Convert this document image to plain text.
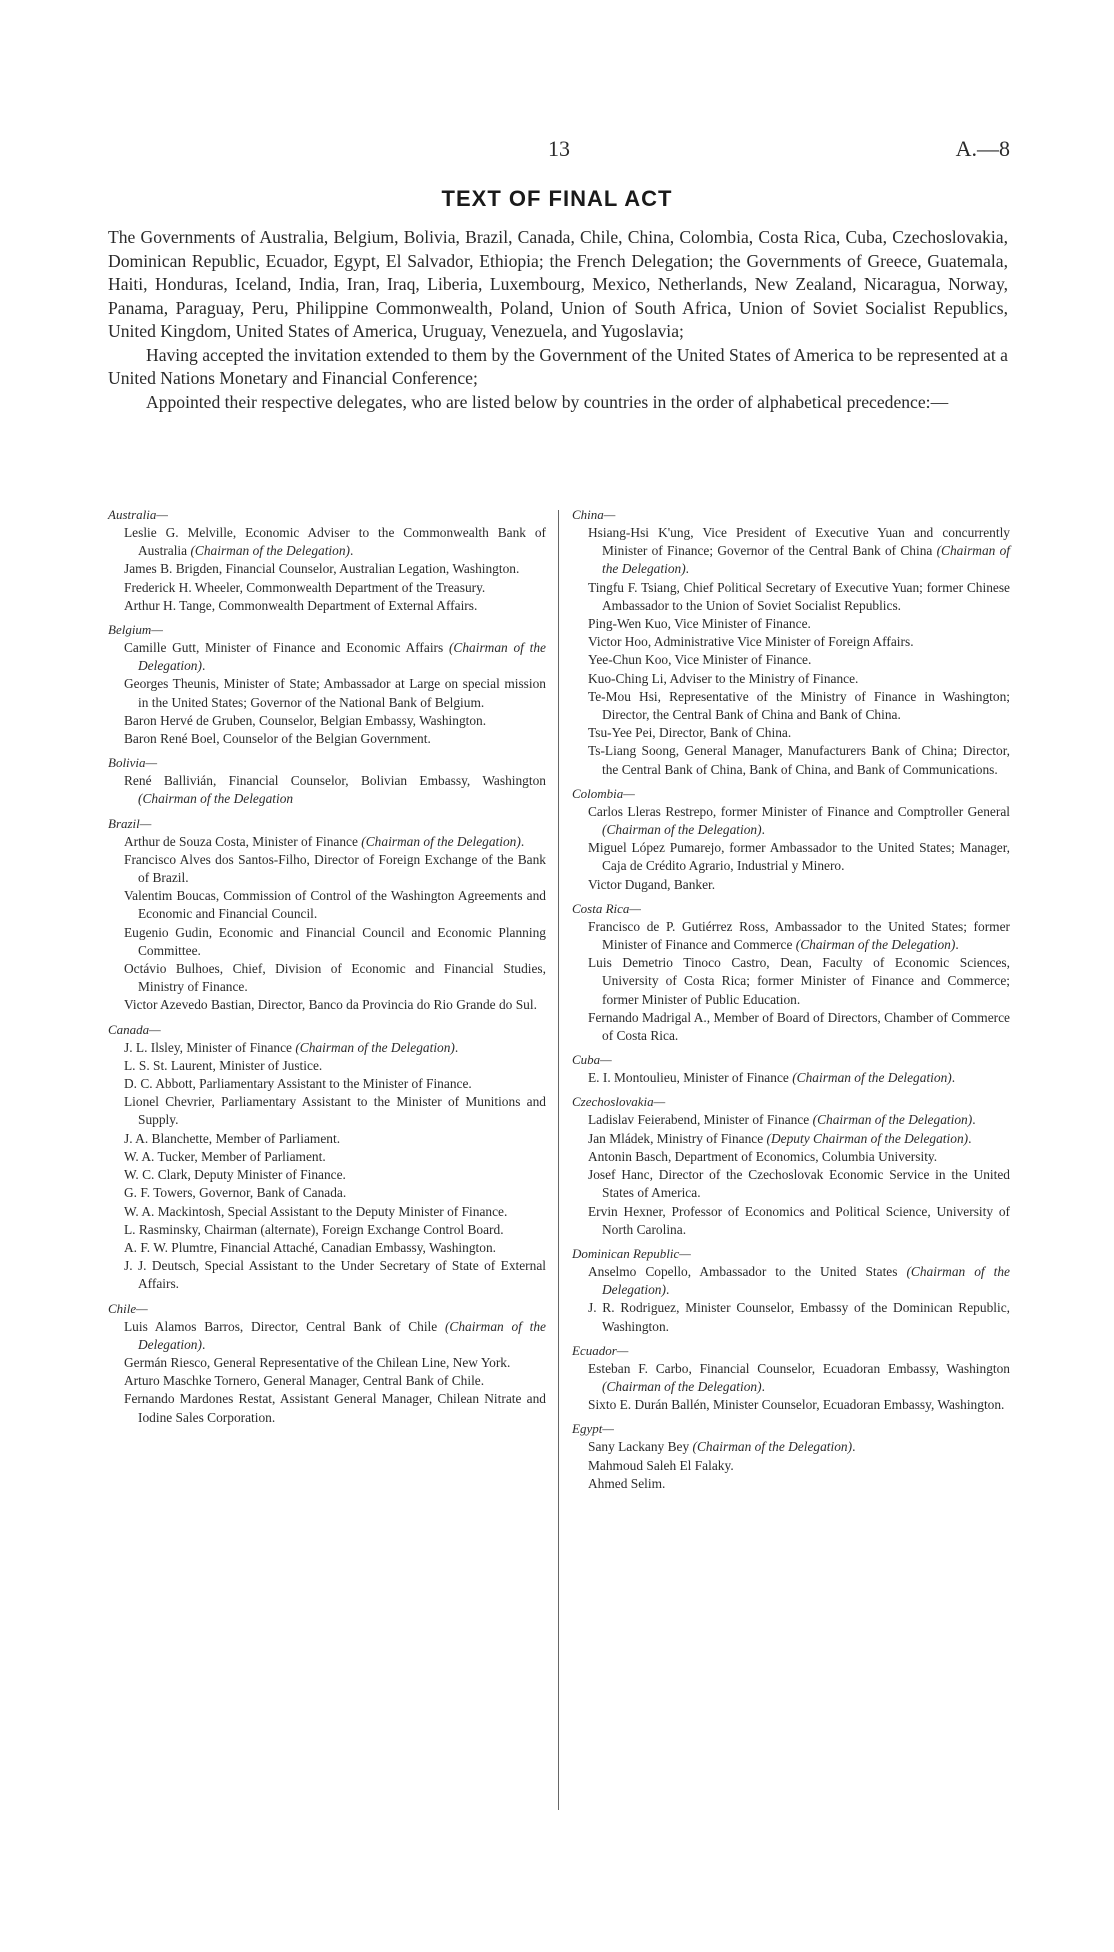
13	A.—8
TEXT OF FINAL ACT

The Governments of Australia, Belgium, Bolivia, Brazil, Canada, Chile, China, Colombia, Costa Rica, Cuba, Czechoslovakia, Dominican Republic, Ecuador, Egypt, El Salvador, Ethiopia; the French Delegation; the Governments of Greece, Guatemala, Haiti, Honduras, Iceland, India, Iran, Iraq, Liberia, Luxembourg, Mexico, Netherlands, New Zealand, Nicaragua, Norway, Panama, Paraguay, Peru, Philippine Commonwealth, Poland, Union of South Africa, Union of Soviet Socialist Republics, United Kingdom, United States of America, Uruguay, Venezuela, and Yugoslavia;

Having accepted the invitation extended to them by the Government of the United States of America to be represented at a United Nations Monetary and Financial Conference;

Appointed their respective delegates, who are listed below by countries in the order of alphabetical precedence:—

Australia—
Leslie G. Melville, Economic Adviser to the Commonwealth Bank of Australia (Chairman of the Delegation).
James B. Brigden, Financial Counselor, Australian Legation, Washington.
Frederick H. Wheeler, Commonwealth Department of the Treasury.
Arthur H. Tange, Commonwealth Department of External Affairs.
Belgium—
Camille Gutt, Minister of Finance and Economic Affairs (Chairman of the Delegation).
Georges Theunis, Minister of State; Ambassador at Large on special mission in the United States; Governor of the National Bank of Belgium.
Baron Hervé de Gruben, Counselor, Belgian Embassy, Washington.
Baron René Boel, Counselor of the Belgian Government.
Bolivia—
René Ballivián, Financial Counselor, Bolivian Embassy, Washington (Chairman of the Delegation
Brazil—
Arthur de Souza Costa, Minister of Finance (Chairman of the Delegation).
Francisco Alves dos Santos-Filho, Director of Foreign Exchange of the Bank of Brazil.
Valentim Boucas, Commission of Control of the Washington Agreements and Economic and Financial Council.
Eugenio Gudin, Economic and Financial Council and Economic Planning Committee.
Octávio Bulhoes, Chief, Division of Economic and Financial Studies, Ministry of Finance.
Victor Azevedo Bastian, Director, Banco da Provincia do Rio Grande do Sul.
Canada—
J. L. Ilsley, Minister of Finance (Chairman of the Delegation).
L. S. St. Laurent, Minister of Justice.
D. C. Abbott, Parliamentary Assistant to the Minister of Finance.
Lionel Chevrier, Parliamentary Assistant to the Minister of Munitions and Supply.
J. A. Blanchette, Member of Parliament.
W. A. Tucker, Member of Parliament.
W. C. Clark, Deputy Minister of Finance.
G. F. Towers, Governor, Bank of Canada.
W. A. Mackintosh, Special Assistant to the Deputy Minister of Finance.
L. Rasminsky, Chairman (alternate), Foreign Exchange Control Board.
A. F. W. Plumtre, Financial Attaché, Canadian Embassy, Washington.
J. J. Deutsch, Special Assistant to the Under Secretary of State of External Affairs.
Chile—
Luis Alamos Barros, Director, Central Bank of Chile (Chairman of the Delegation).
Germán Riesco, General Representative of the Chilean Line, New York.
Arturo Maschke Tornero, General Manager, Central Bank of Chile.
Fernando Mardones Restat, Assistant General Manager, Chilean Nitrate and Iodine Sales Corporation.
China—
Hsiang-Hsi K'ung, Vice President of Executive Yuan and concurrently Minister of Finance; Governor of the Central Bank of China (Chairman of the Delegation).
Tingfu F. Tsiang, Chief Political Secretary of Executive Yuan; former Chinese Ambassador to the Union of Soviet Socialist Republics.
Ping-Wen Kuo, Vice Minister of Finance.
Victor Hoo, Administrative Vice Minister of Foreign Affairs.
Yee-Chun Koo, Vice Minister of Finance.
Kuo-Ching Li, Adviser to the Ministry of Finance.
Te-Mou Hsi, Representative of the Ministry of Finance in Washington; Director, the Central Bank of China and Bank of China.
Tsu-Yee Pei, Director, Bank of China.
Ts-Liang Soong, General Manager, Manufacturers Bank of China; Director, the Central Bank of China, Bank of China, and Bank of Communications.
Colombia—
Carlos Lleras Restrepo, former Minister of Finance and Comptroller General (Chairman of the Delegation).
Miguel López Pumarejo, former Ambassador to the United States; Manager, Caja de Crédito Agrario, Industrial y Minero.
Victor Dugand, Banker.
Costa Rica—
Francisco de P. Gutiérrez Ross, Ambassador to the United States; former Minister of Finance and Commerce (Chairman of the Delegation).
Luis Demetrio Tinoco Castro, Dean, Faculty of Economic Sciences, University of Costa Rica; former Minister of Finance and Commerce; former Minister of Public Education.
Fernando Madrigal A., Member of Board of Directors, Chamber of Commerce of Costa Rica.
Cuba—
E. I. Montoulieu, Minister of Finance (Chairman of the Delegation).
Czechoslovakia—
Ladislav Feierabend, Minister of Finance (Chairman of the Delegation).
Jan Mládek, Ministry of Finance (Deputy Chairman of the Delegation).
Antonin Basch, Department of Economics, Columbia University.
Josef Hanc, Director of the Czechoslovak Economic Service in the United States of America.
Ervin Hexner, Professor of Economics and Political Science, University of North Carolina.
Dominican Republic—
Anselmo Copello, Ambassador to the United States (Chairman of the Delegation).
J. R. Rodriguez, Minister Counselor, Embassy of the Dominican Republic, Washington.
Ecuador—
Esteban F. Carbo, Financial Counselor, Ecuadoran Embassy, Washington (Chairman of the Delegation).
Sixto E. Durán Ballén, Minister Counselor, Ecuadoran Embassy, Washington.
Egypt—
Sany Lackany Bey (Chairman of the Delegation).
Mahmoud Saleh El Falaky.
Ahmed Selim.
